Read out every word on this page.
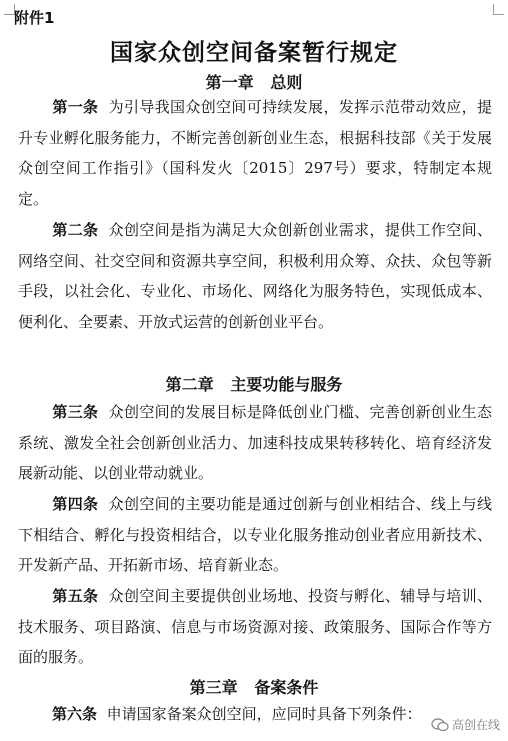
附件1
国家众创空间备案暂行规定
第一章 总则
第一条 为引导我国众创空间可持续发展，发挥示范带动效应，提升专业孵化服务能力，不断完善创新创业生态，根据科技部《关于发展众创空间工作指引》（国科发火〔2015〕297号）要求，特制定本规定。
第二条 众创空间是指为满足大众创新创业需求，提供工作空间、网络空间、社交空间和资源共享空间，积极利用众筹、众扶、众包等新手段，以社会化、专业化、市场化、网络化为服务特色，实现低成本、便利化、全要素、开放式运营的创新创业平台。
第二章 主要功能与服务
第三条 众创空间的发展目标是降低创业门槛、完善创新创业生态系统、激发全社会创新创业活力、加速科技成果转移转化、培育经济发展新动能、以创业带动就业。
第四条 众创空间的主要功能是通过创新与创业相结合、线上与线下相结合、孵化与投资相结合，以专业化服务推动创业者应用新技术、开发新产品、开拓新市场、培育新业态。
第五条 众创空间主要提供创业场地、投资与孵化、辅导与培训、技术服务、项目路演、信息与市场资源对接、政策服务、国际合作等方面的服务。
第三章 备案条件
第六条 申请国家备案众创空间，应同时具备下列条件：
高创在线
